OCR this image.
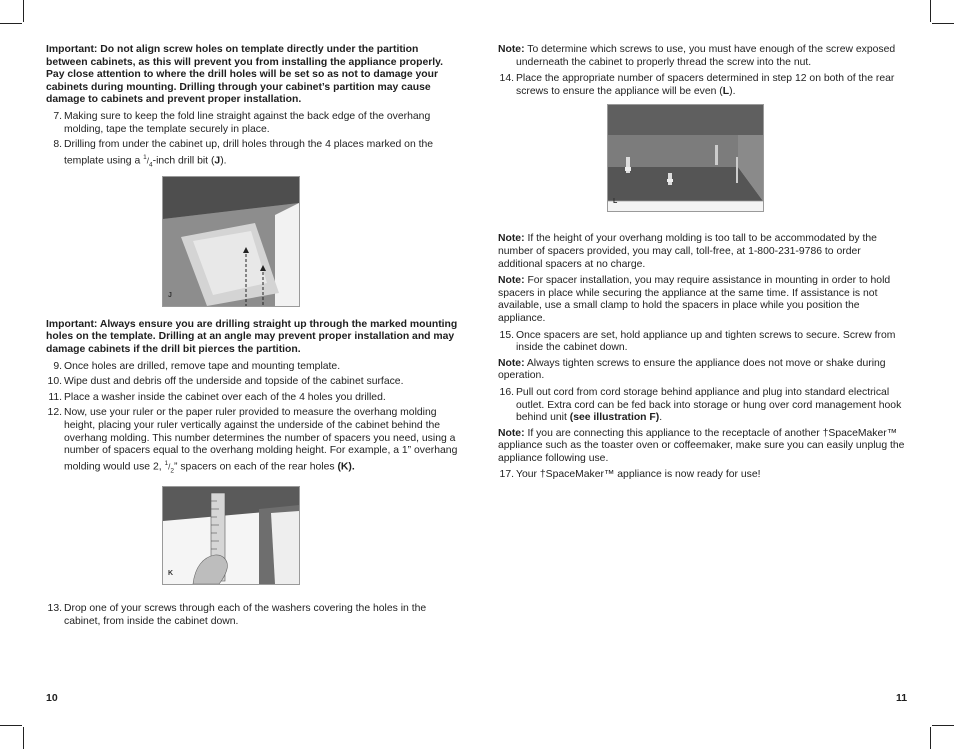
Important: Do not align screw holes on template directly under the partition between cabinets, as this will prevent you from installing the appliance properly. Pay close attention to where the drill holes will be set so as not to damage your cabinets during mounting. Drilling through your cabinet’s partition may cause damage to cabinets and prevent proper installation.

7. Making sure to keep the fold line straight against the back edge of the overhang molding, tape the template securely in place.
8. Drilling from under the cabinet up, drill holes through the 4 places marked on the template using a $^1/_4$-inch drill bit (J).
J

Important: Always ensure you are drilling straight up through the marked mounting holes on the template. Drilling at an angle may prevent proper installation and may damage cabinets if the drill bit pierces the partition.

9. Once holes are drilled, remove tape and mounting template.
10. Wipe dust and debris off the underside and topside of the cabinet surface.
11. Place a washer inside the cabinet over each of the 4 holes you drilled.
12. Now, use your ruler or the paper ruler provided to measure the overhang molding height, placing your ruler vertically against the underside of the cabinet behind the overhang molding. This number determines the number of spacers you need, using a number of spacers equal to the overhang molding height. For example, a 1” overhang molding would use 2, $^1/_2$” spacers on each of the rear holes (K).
K
13. Drop one of your screws through each of the washers covering the holes in the cabinet, from inside the cabinet down.
10

Note: To determine which screws to use, you must have enough of the screw exposed underneath the cabinet to properly thread the screw into the nut.

14. Place the appropriate number of spacers determined in step 12 on both of the rear screws to ensure the appliance will be even (L).
L

Note: If the height of your overhang molding is too tall to be accommodated by the number of spacers provided, you may call, toll-free, at 1-800-231-9786 to order additional spacers at no charge.

Note: For spacer installation, you may require assistance in mounting in order to hold spacers in place while securing the appliance at the same time. If assistance is not available, use a small clamp to hold the spacers in place while you position the appliance.

15. Once spacers are set, hold appliance up and tighten screws to secure. Screw from inside the cabinet down.

Note: Always tighten screws to ensure the appliance does not move or shake during operation.

16. Pull out cord from cord storage behind appliance and plug into standard electrical outlet. Extra cord can be fed back into storage or hung over cord management hook behind unit (see illustration F).

Note: If you are connecting this appliance to the receptacle of another †SpaceMaker™ appliance such as the toaster oven or coffeemaker, make sure you can easily unplug the appliance following use.

17. Your †SpaceMaker™ appliance is now ready for use!
11
